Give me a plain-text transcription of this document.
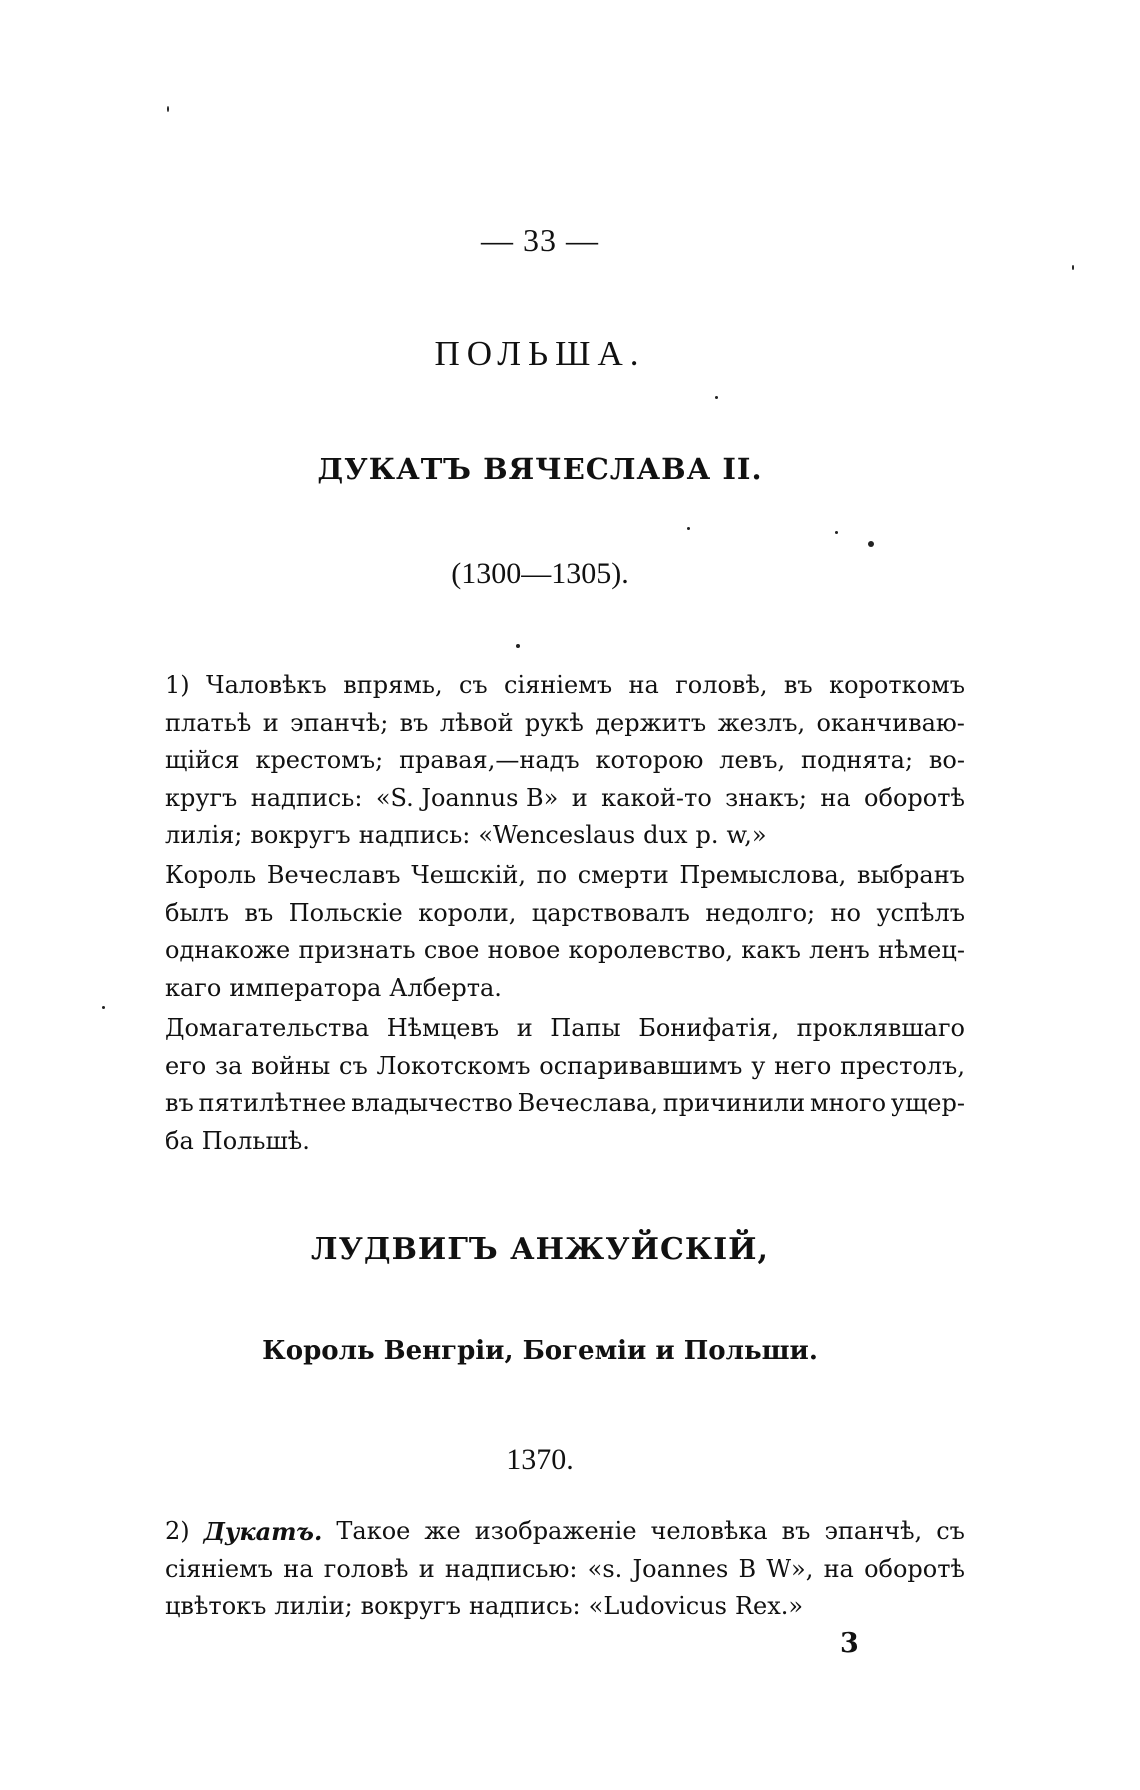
— 33 —
ПОЛЬША.
ДУКАТЪ ВЯЧЕСЛАВА II.
(1300—1305).
1) Чаловѣкъ впрямь, съ сіяніемъ на головѣ, въ короткомъ
платьѣ и эпанчѣ; въ лѣвой рукѣ держитъ жезлъ, оканчиваю-
щійся крестомъ; правая,—надъ которою левъ, поднята; во-
кругъ надпись: «S. Joannus B» и какой-то знакъ; на оборотѣ
лилія; вокругъ надпись: «Wenceslaus dux p. w,»
Король Вечеславъ Чешскій, по смерти Премыслова, выбранъ
былъ въ Польскіе короли, царствовалъ недолго; но успѣлъ
однакоже признать свое новое королевство, какъ ленъ нѣмец-
каго императора Алберта.
Домагательства Нѣмцевъ и Папы Бонифатія, проклявшаго
его за войны съ Локотскомъ оспаривавшимъ у него престолъ,
въ пятилѣтнее владычество Вечеслава, причинили много ущер-
ба Польшѣ.
ЛУДВИГЪ АНЖУЙСКІЙ,
Король Венгріи, Богеміи и Польши.
1370.
2) Дукатъ. Такое же изображеніе человѣка въ эпанчѣ, съ
сіяніемъ на головѣ и надписью: «s. Joannes B W», на оборотѣ
цвѣтокъ лиліи; вокругъ надпись: «Ludovicus Rex.»
3
